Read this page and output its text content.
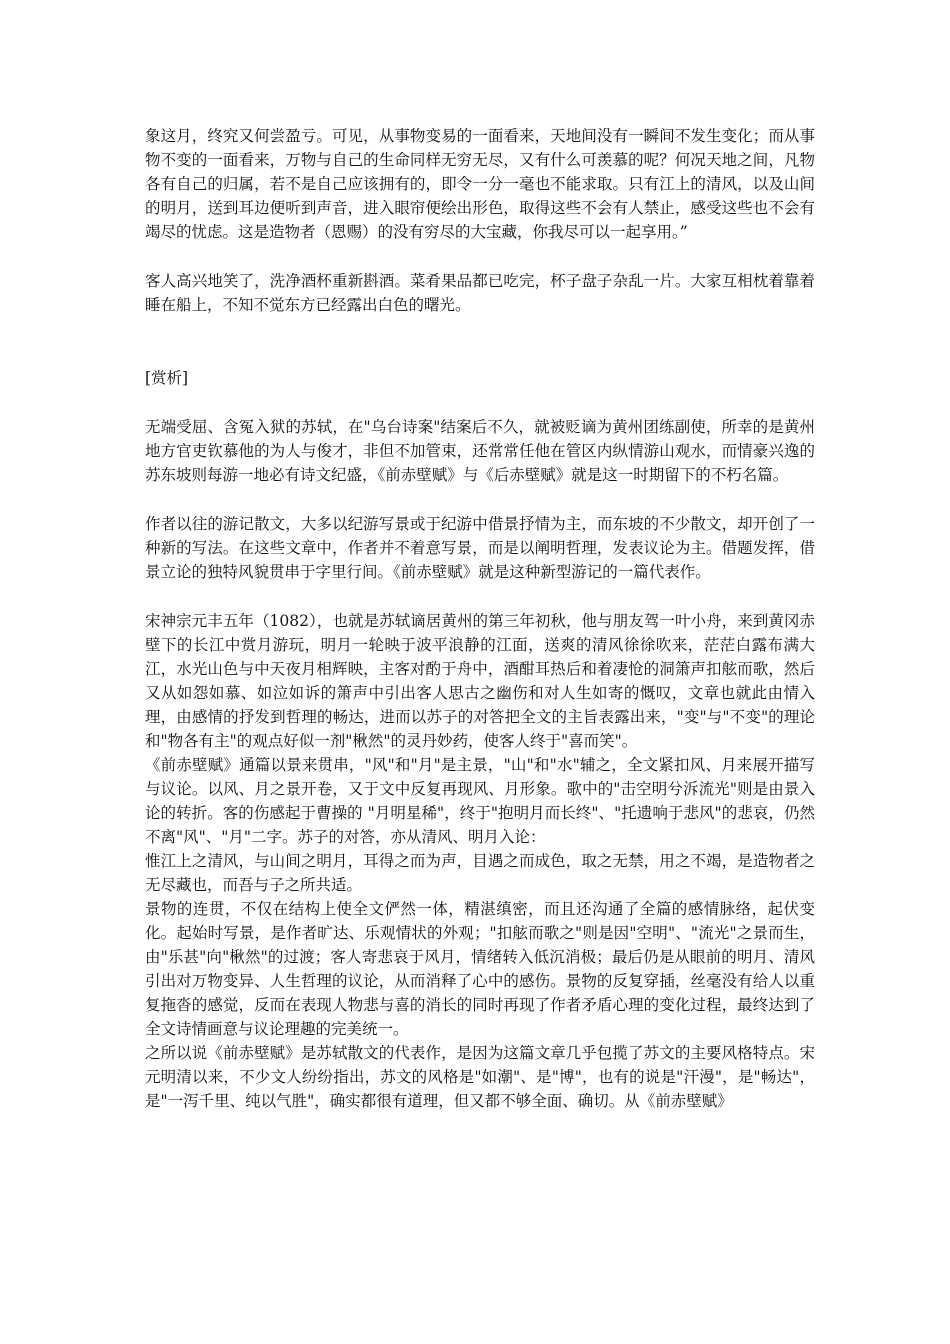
象这月，终究又何尝盈亏。可见，从事物变易的一面看来，天地间没有一瞬间不发生变化；而从事物不变的一面看来，万物与自己的生命同样无穷无尽，又有什么可羡慕的呢？何况天地之间，凡物各有自己的归属，若不是自己应该拥有的，即令一分一毫也不能求取。只有江上的清风，以及山间的明月，送到耳边便听到声音，进入眼帘便绘出形色，取得这些不会有人禁止，感受这些也不会有竭尽的忧虑。这是造物者（恩赐）的没有穷尽的大宝藏，你我尽可以一起享用。”

客人高兴地笑了，洗净酒杯重新斟酒。菜肴果品都已吃完，杯子盘子杂乱一片。大家互相枕着靠着睡在船上，不知不觉东方已经露出白色的曙光。

[赏析]

无端受屈、含冤入狱的苏轼，在"乌台诗案"结案后不久，就被贬谪为黄州团练副使，所幸的是黄州地方官吏钦慕他的为人与俊才，非但不加管束，还常常任他在管区内纵情游山观水，而情豪兴逸的苏东坡则每游一地必有诗文纪盛，《前赤壁赋》与《后赤壁赋》就是这一时期留下的不朽名篇。

作者以往的游记散文，大多以纪游写景或于纪游中借景抒情为主，而东坡的不少散文，却开创了一种新的写法。在这些文章中，作者并不着意写景，而是以阐明哲理，发表议论为主。借题发挥，借景立论的独特风貌贯串于字里行间。《前赤壁赋》就是这种新型游记的一篇代表作。

宋神宗元丰五年（1082），也就是苏轼谪居黄州的第三年初秋，他与朋友驾一叶小舟，来到黄冈赤壁下的长江中赏月游玩，明月一轮映于波平浪静的江面，送爽的清风徐徐吹来，茫茫白露布满大江，水光山色与中天夜月相辉映，主客对酌于舟中，酒酣耳热后和着凄怆的洞箫声扣舷而歌，然后又从如怨如慕、如泣如诉的箫声中引出客人思古之幽伤和对人生如寄的慨叹，文章也就此由情入理，由感情的抒发到哲理的畅达，进而以苏子的对答把全文的主旨表露出来，"变"与"不变"的理论和"物各有主"的观点好似一剂"楸然"的灵丹妙药，使客人终于"喜而笑"。

《前赤壁赋》通篇以景来贯串，"风"和"月"是主景，"山"和"水"辅之，全文紧扣风、月来展开描写与议论。以风、月之景开卷，又于文中反复再现风、月形象。歌中的"击空明兮泝流光"则是由景入论的转折。客的伤感起于曹操的 "月明星稀"，终于"抱明月而长终"、"托遗响于悲风"的悲哀，仍然不离"风"、"月"二字。苏子的对答，亦从清风、明月入论：

惟江上之清风，与山间之明月，耳得之而为声，目遇之而成色，取之无禁，用之不竭，是造物者之无尽藏也，而吾与子之所共适。

景物的连贯，不仅在结构上使全文俨然一体，精湛缜密，而且还沟通了全篇的感情脉络，起伏变化。起始时写景，是作者旷达、乐观情状的外观；"扣舷而歌之"则是因"空明"、"流光"之景而生，由"乐甚"向"楸然"的过渡；客人寄悲哀于风月，情绪转入低沉消极；最后仍是从眼前的明月、清风引出对万物变异、人生哲理的议论，从而消释了心中的感伤。景物的反复穿插，丝毫没有给人以重复拖沓的感觉，反而在表现人物悲与喜的消长的同时再现了作者矛盾心理的变化过程，最终达到了全文诗情画意与议论理趣的完美统一。

之所以说《前赤壁赋》是苏轼散文的代表作，是因为这篇文章几乎包揽了苏文的主要风格特点。宋元明清以来，不少文人纷纷指出，苏文的风格是"如潮"、是"博"，也有的说是"汗漫"，是"畅达"，是"一泻千里、纯以气胜"，确实都很有道理，但又都不够全面、确切。从《前赤壁赋》
